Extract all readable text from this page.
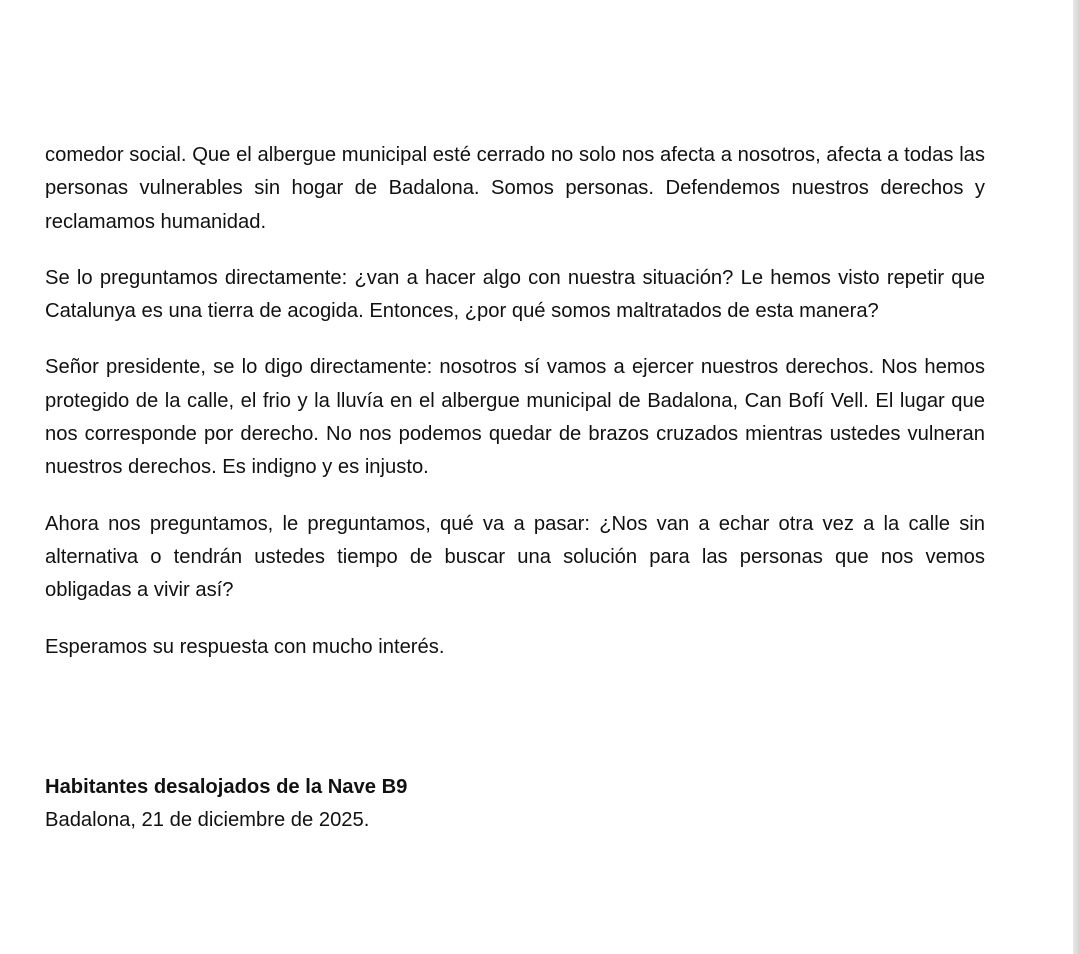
comedor social. Que el albergue municipal esté cerrado no solo nos afecta a nosotros, afecta a todas las personas vulnerables sin hogar de Badalona. Somos personas. Defendemos nuestros derechos y reclamamos humanidad.

Se lo preguntamos directamente: ¿van a hacer algo con nuestra situación? Le hemos visto repetir que Catalunya es una tierra de acogida. Entonces, ¿por qué somos maltratados de esta manera?

Señor presidente, se lo digo directamente: nosotros sí vamos a ejercer nuestros derechos. Nos hemos protegido de la calle, el frio y la lluvía en el albergue municipal de Badalona, Can Bofí Vell. El lugar que nos corresponde por derecho. No nos podemos quedar de brazos cruzados mientras ustedes vulneran nuestros derechos. Es indigno y es injusto.

Ahora nos preguntamos, le preguntamos, qué va a pasar: ¿Nos van a echar otra vez a la calle sin alternativa o tendrán ustedes tiempo de buscar una solución para las personas que nos vemos obligadas a vivir así?

Esperamos su respuesta con mucho interés.

Habitantes desalojados de la Nave B9
Badalona, 21 de diciembre de 2025.
